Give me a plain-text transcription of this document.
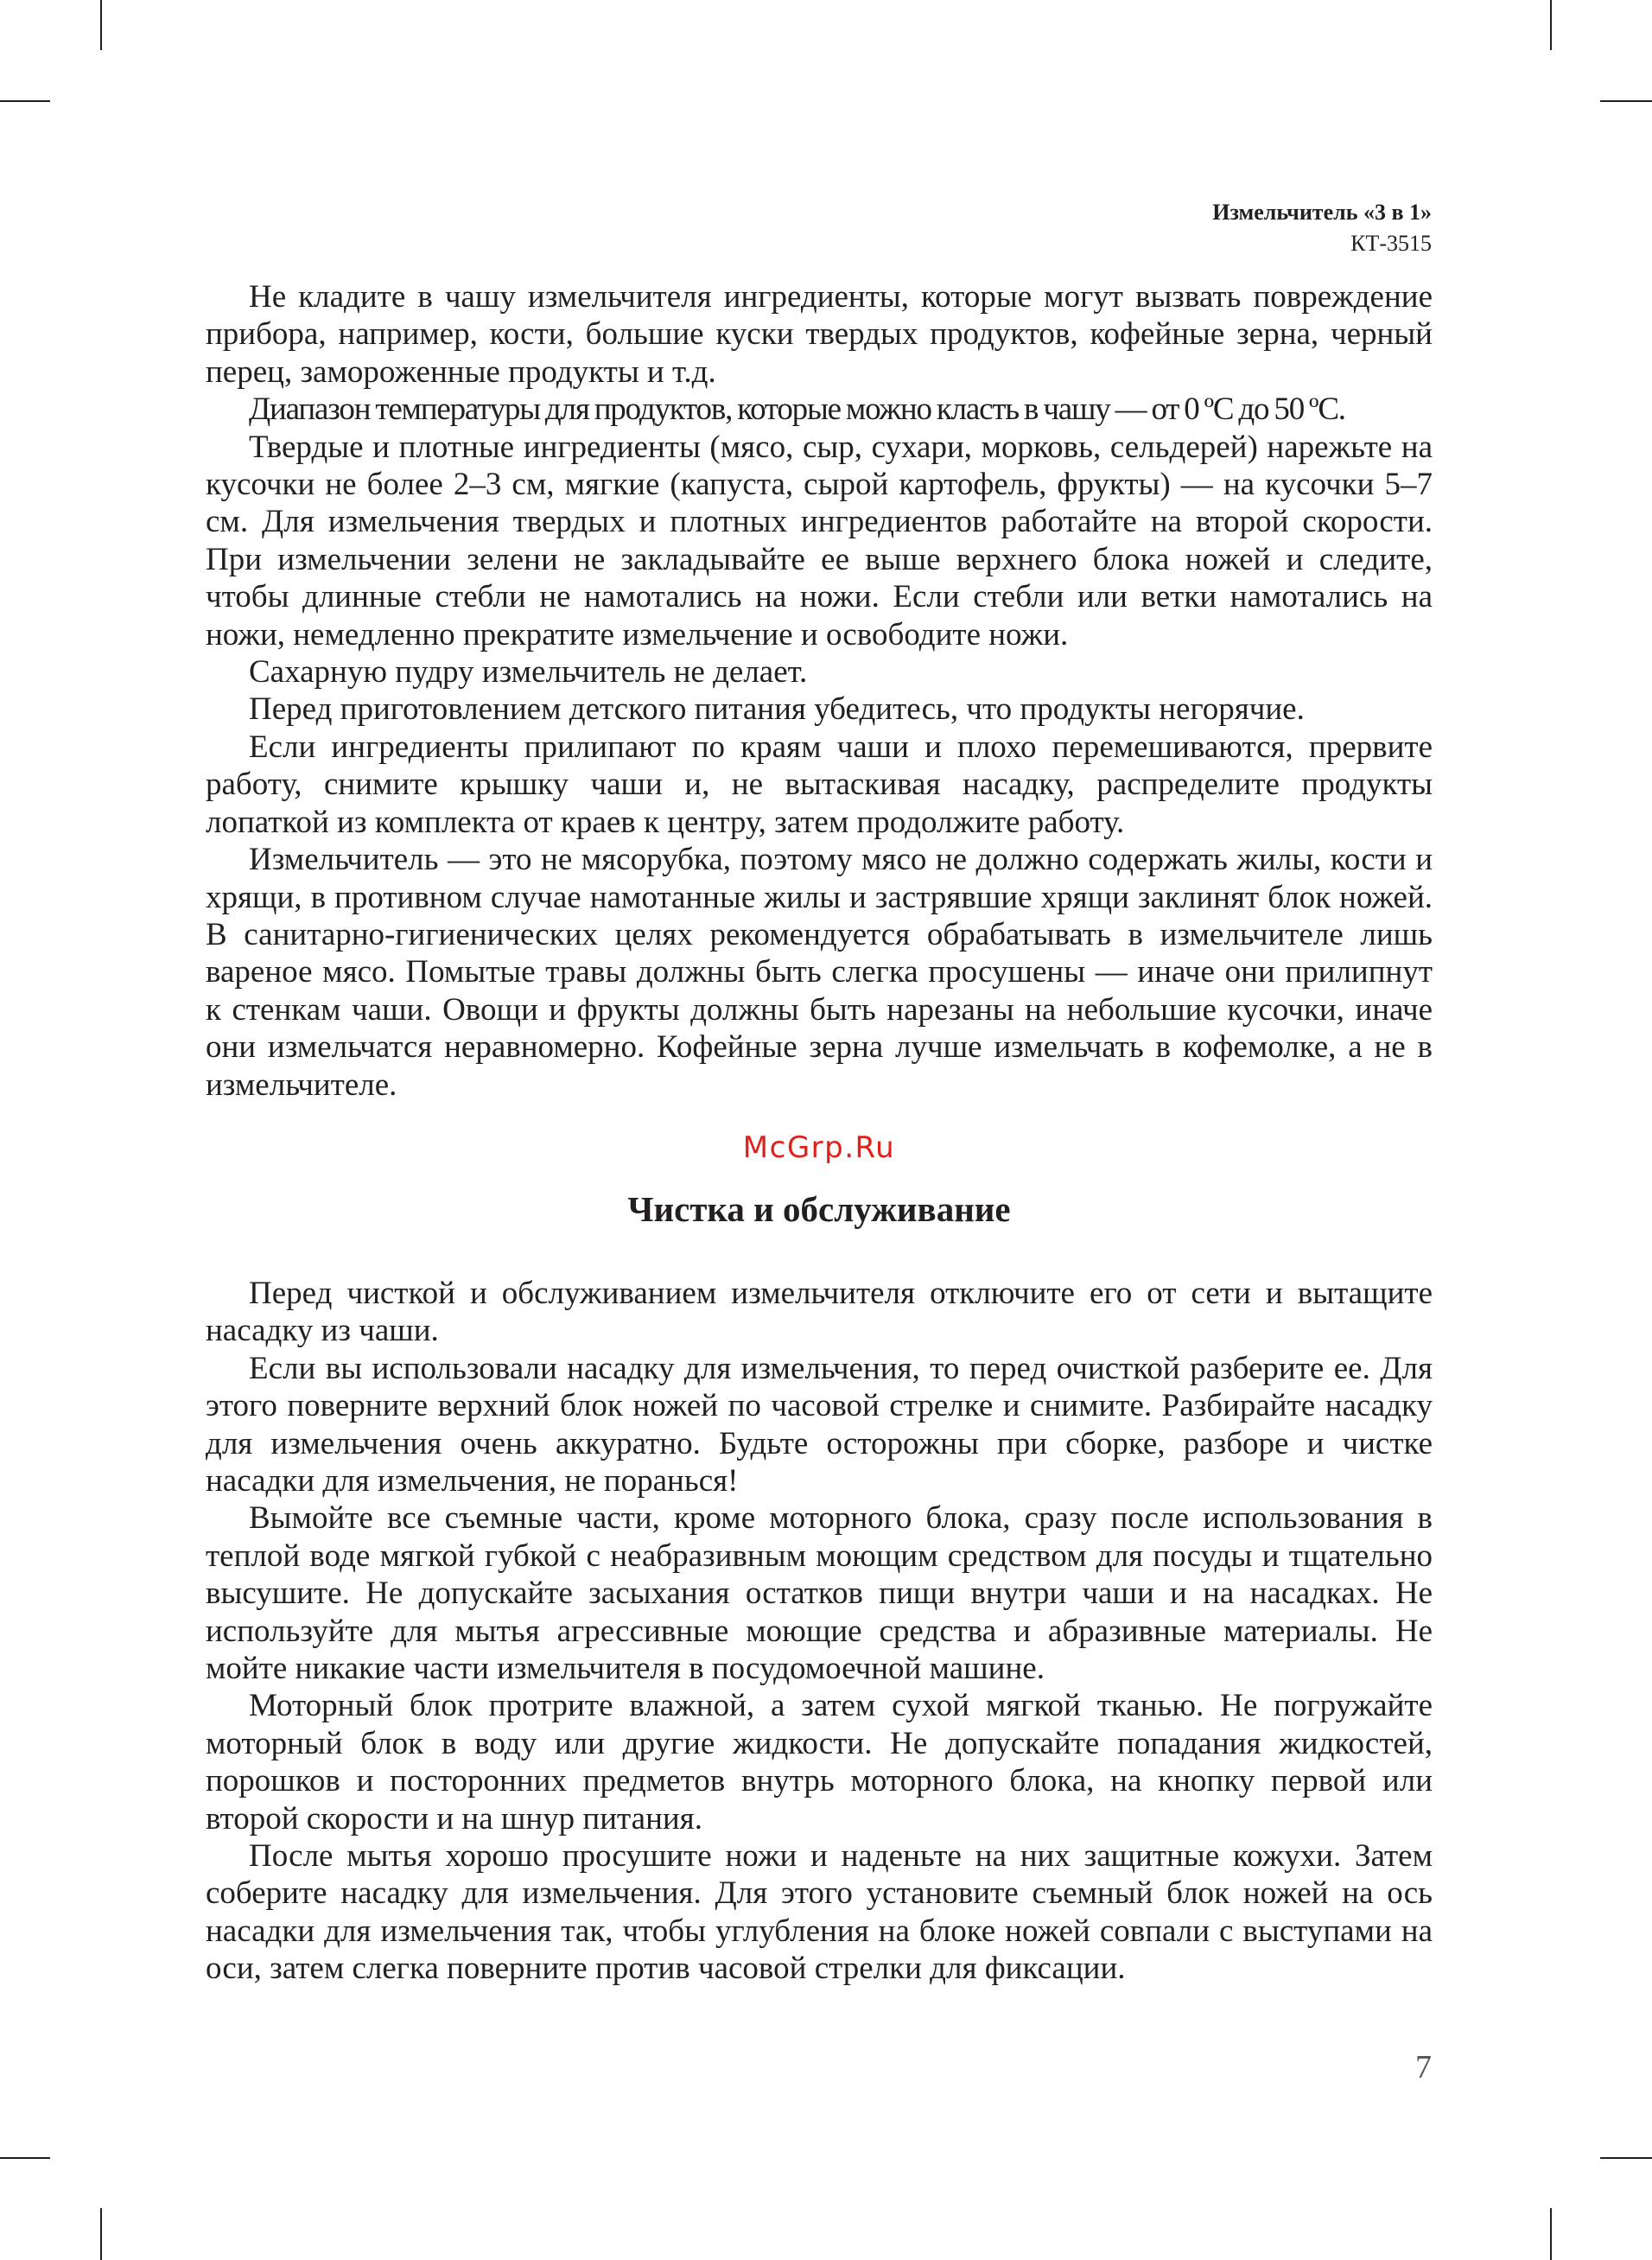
Измельчитель «3 в 1»
КТ-3515

Не кладите в чашу измельчителя ингредиенты, которые могут вызвать повреждение прибора, например, кости, большие куски твердых продуктов, кофейные зерна, черный перец, замороженные продукты и т.д.

Диапазон температуры для продуктов, которые можно класть в чашу — от 0 ºС до 50 ºС.

Твердые и плотные ингредиенты (мясо, сыр, сухари, морковь, сельдерей) нарежьте на кусочки не более 2–3 см, мягкие (капуста, сырой картофель, фрукты) — на кусочки 5–7 см. Для измельчения твердых и плотных ингредиентов работайте на второй скорости. При измельчении зелени не закладывайте ее выше верхнего блока ножей и следите, чтобы длинные стебли не намотались на ножи. Если стебли или ветки намотались на ножи, немедленно прекратите измельчение и освободите ножи.

Сахарную пудру измельчитель не делает.

Перед приготовлением детского питания убедитесь, что продукты негорячие.

Если ингредиенты прилипают по краям чаши и плохо перемешиваются, прервите работу, снимите крышку чаши и, не вытаскивая насадку, распределите продукты лопаткой из комплекта от краев к центру, затем продолжите работу.

Измельчитель — это не мясорубка, поэтому мясо не должно содержать жилы, кости и хрящи, в противном случае намотанные жилы и застрявшие хрящи заклинят блок ножей. В санитарно-гигиенических целях рекомендуется обрабатывать в измельчителе лишь вареное мясо. Помытые травы должны быть слегка просушены — иначе они прилипнут к стенкам чаши. Овощи и фрукты должны быть нарезаны на небольшие кусочки, иначе они измельчатся неравномерно. Кофейные зерна лучше измельчать в кофемолке, а не в измельчителе.

McGrp.Ru
Чистка и обслуживание

Перед чисткой и обслуживанием измельчителя отключите его от сети и вытащите насадку из чаши.

Если вы использовали насадку для измельчения, то перед очисткой разберите ее. Для этого поверните верхний блок ножей по часовой стрелке и снимите. Разбирайте насадку для измельчения очень аккуратно. Будьте осторожны при сборке, разборе и чистке насадки для измельчения, не поранься!

Вымойте все съемные части, кроме моторного блока, сразу после использования в теплой воде мягкой губкой с неабразивным моющим средством для посуды и тщательно высушите. Не допускайте засыхания остатков пищи внутри чаши и на насадках. Не используйте для мытья агрессивные моющие средства и абразивные материалы. Не мойте никакие части измельчителя в посудомоечной машине.

Моторный блок протрите влажной, а затем сухой мягкой тканью. Не погружайте моторный блок в воду или другие жидкости. Не допускайте попадания жидкостей, порошков и посторонних предметов внутрь моторного блока, на кнопку первой или второй скорости и на шнур питания.

После мытья хорошо просушите ножи и наденьте на них защитные кожухи. Затем соберите насадку для измельчения. Для этого установите съемный блок ножей на ось насадки для измельчения так, чтобы углубления на блоке ножей совпали с выступами на оси, затем слегка поверните против часовой стрелки для фиксации.

7
